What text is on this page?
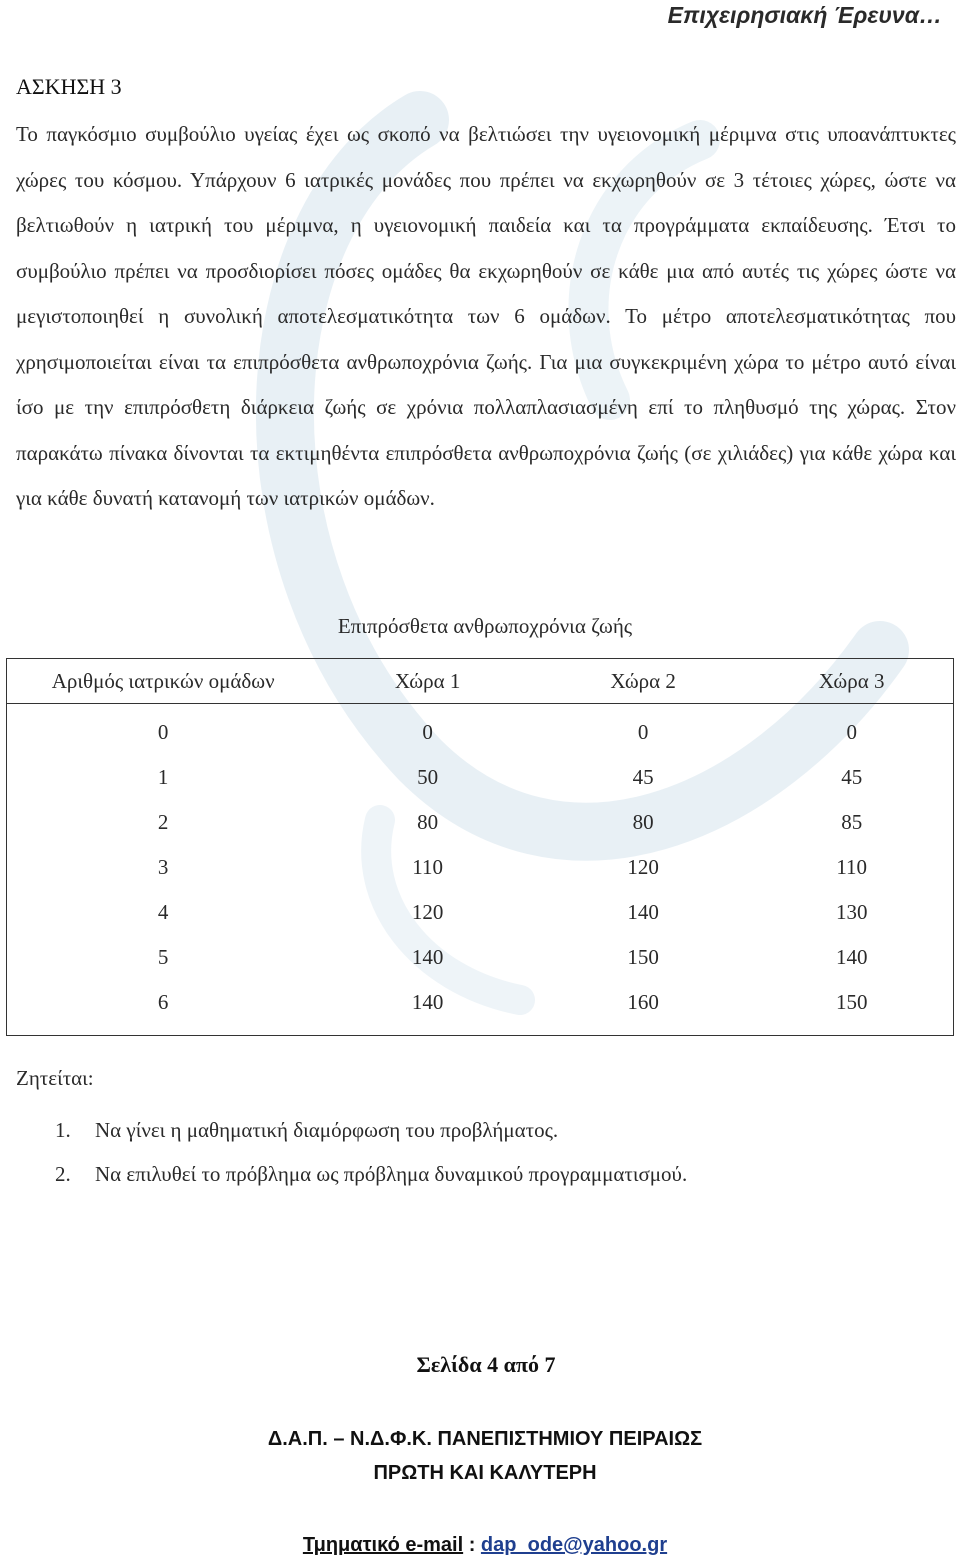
Επιχειρησιακή Έρευνα…
ΑΣΚΗΣΗ 3

Το παγκόσμιο συμβούλιο υγείας έχει ως σκοπό να βελτιώσει την υγειονομική μέριμνα στις υποανάπτυκτες χώρες του κόσμου. Υπάρχουν 6 ιατρικές μονάδες που πρέπει να εκχωρηθούν σε 3 τέτοιες χώρες, ώστε να βελτιωθούν η ιατρική του μέριμνα, η υγειονομική παιδεία και τα προγράμματα εκπαίδευσης. Έτσι το συμβούλιο πρέπει να προσδιορίσει πόσες ομάδες θα εκχωρηθούν σε κάθε μια από αυτές τις χώρες ώστε να μεγιστοποιηθεί η συνολική αποτελεσματικότητα των 6 ομάδων. Το μέτρο αποτελεσματικότητας που χρησιμοποιείται είναι τα επιπρόσθετα ανθρωποχρόνια ζωής. Για μια συγκεκριμένη χώρα το μέτρο αυτό είναι ίσο με την επιπρόσθετη διάρκεια ζωής σε χρόνια πολλαπλασιασμένη επί το πληθυσμό της χώρας. Στον παρακάτω πίνακα δίνονται τα εκτιμηθέντα επιπρόσθετα ανθρωποχρόνια ζωής (σε χιλιάδες) για κάθε χώρα και για κάθε δυνατή κατανομή των ιατρικών ομάδων.

Επιπρόσθετα ανθρωποχρόνια ζωής
Αριθμός ιατρικών ομάδων	Χώρα 1	Χώρα 2	Χώρα 3
0	0	0	0
1	50	45	45
2	80	80	85
3	110	120	110
4	120	140	130
5	140	150	140
6	140	160	150
Ζητείται:
1. Να γίνει η μαθηματική διαμόρφωση του προβλήματος.
2. Να επιλυθεί το πρόβλημα ως πρόβλημα δυναμικού προγραμματισμού.
Σελίδα 4 από 7
Δ.Α.Π. – Ν.Δ.Φ.Κ. ΠΑΝΕΠΙΣΤΗΜΙΟΥ ΠΕΙΡΑΙΩΣ
ΠΡΩΤΗ ΚΑΙ ΚΑΛΥΤΕΡΗ
Τμηματικό e-mail : dap_ode@yahoo.gr
